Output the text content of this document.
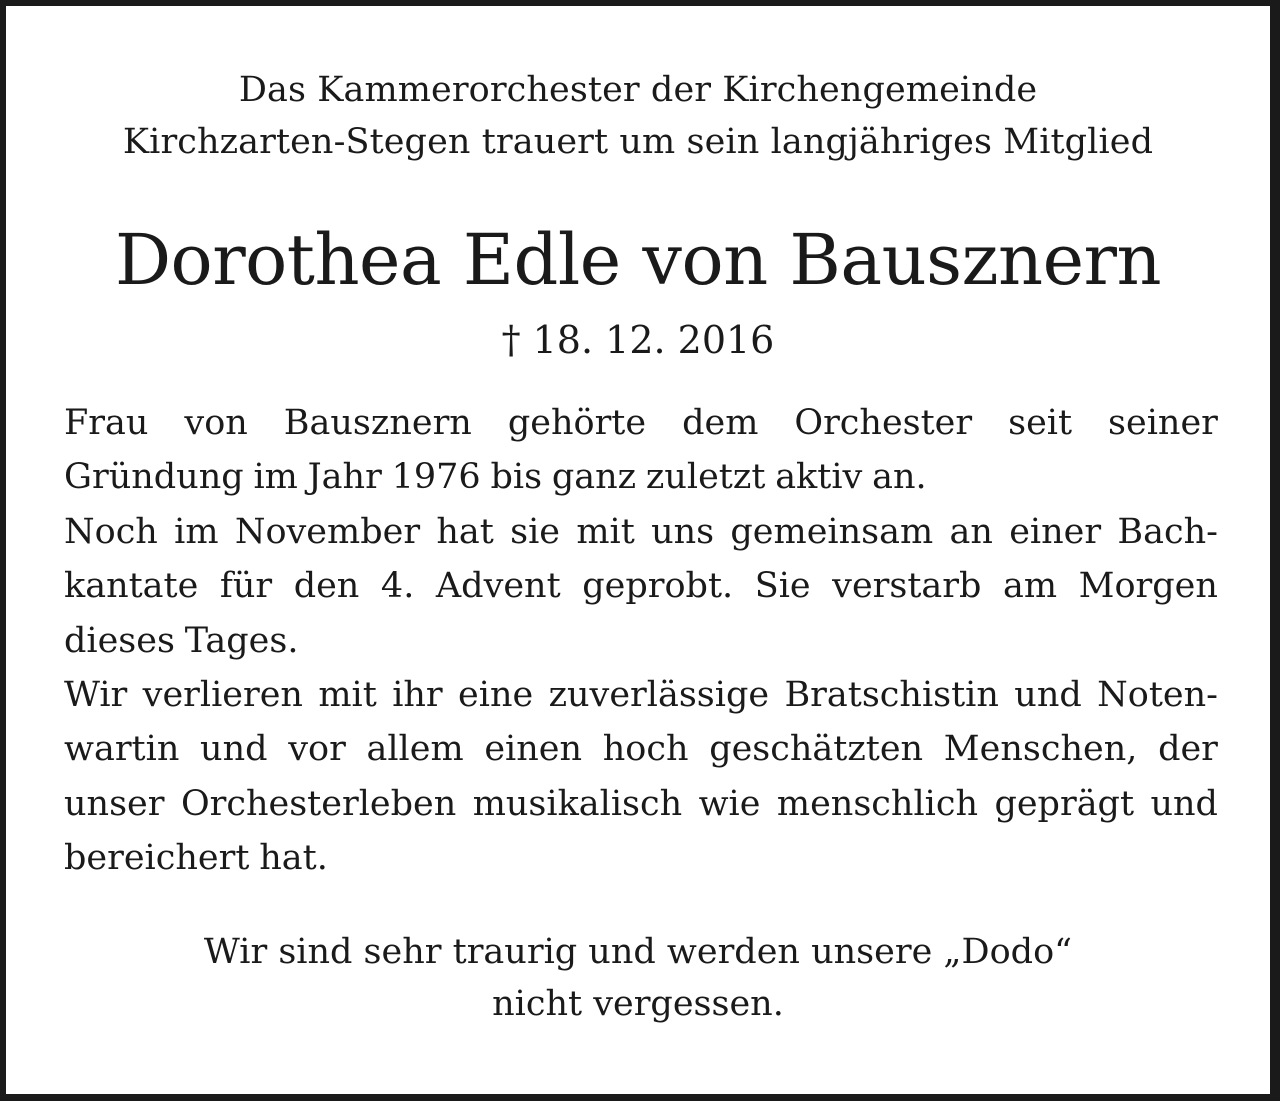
Das Kammerorchester der Kirchengemeinde
Kirchzarten-Stegen trauert um sein langjähriges Mitglied
Dorothea Edle von Bausznern
† 18. 12. 2016
Frau von Bausznern gehörte dem Orchester seit seiner
Gründung im Jahr 1976 bis ganz zuletzt aktiv an.
Noch im November hat sie mit uns gemeinsam an einer Bach-
kantate für den 4. Advent geprobt. Sie verstarb am Morgen
dieses Tages.
Wir verlieren mit ihr eine zuverlässige Bratschistin und Noten-
wartin und vor allem einen hoch geschätzten Menschen, der
unser Orchesterleben musikalisch wie menschlich geprägt und
bereichert hat.
Wir sind sehr traurig und werden unsere „Dodo“
nicht vergessen.
